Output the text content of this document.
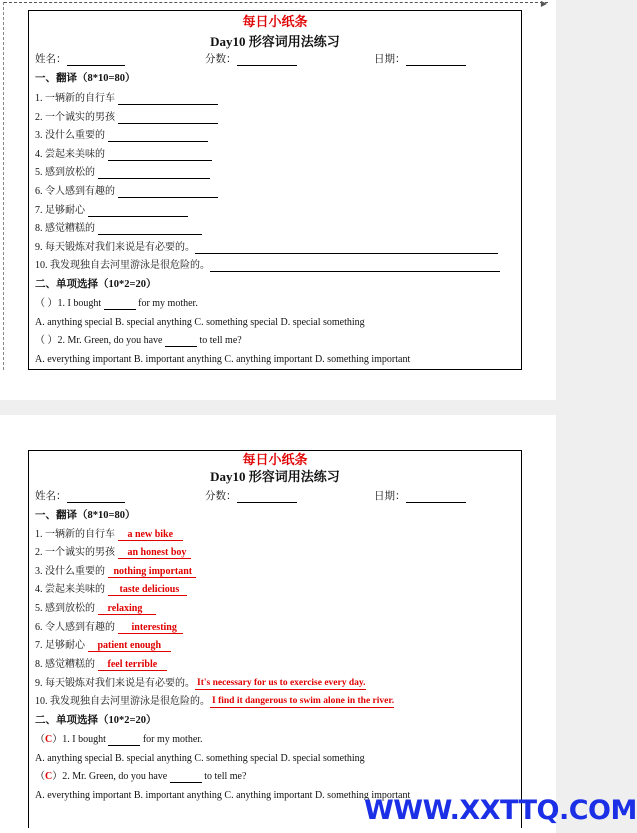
▶
每日小纸条
Day10 形容词用法练习
姓名：	分数：	日期：
一、翻译（8*10=80）
1. 一辆新的自行车
2. 一个诚实的男孩
3. 没什么重要的
4. 尝起来美味的
5. 感到放松的
6. 令人感到有趣的
7. 足够耐心
8. 感觉糟糕的
9. 每天锻炼对我们来说是有必要的。
10. 我发现独自去河里游泳是很危险的。
二、单项选择（10*2=20）
（ ）1. I bought	for my mother.
A. anything special B. special anything C. something special D. special something
（ ）2. Mr. Green, do you have	to tell me?
A. everything important B. important anything C. anything important D. something important
每日小纸条
Day10 形容词用法练习
姓名：	分数：	日期：
一、翻译（8*10=80）
1. 一辆新的自行车 a new bike
2. 一个诚实的男孩 an honest boy
3. 没什么重要的 nothing important
4. 尝起来美味的 taste delicious
5. 感到放松的 relaxing
6. 令人感到有趣的 interesting
7. 足够耐心 patient enough
8. 感觉糟糕的 feel terrible
9. 每天锻炼对我们来说是有必要的。 It's necessary for us to exercise every day.
10. 我发现独自去河里游泳是很危险的。 I find it dangerous to swim alone in the river.
二、单项选择（10*2=20）
（C）1. I bought	for my mother.
A. anything special B. special anything C. something special D. special something
（C）2. Mr. Green, do you have	to tell me?
A. everything important B. important anything C. anything important D. something important
WWW.XXTTQ.COM
